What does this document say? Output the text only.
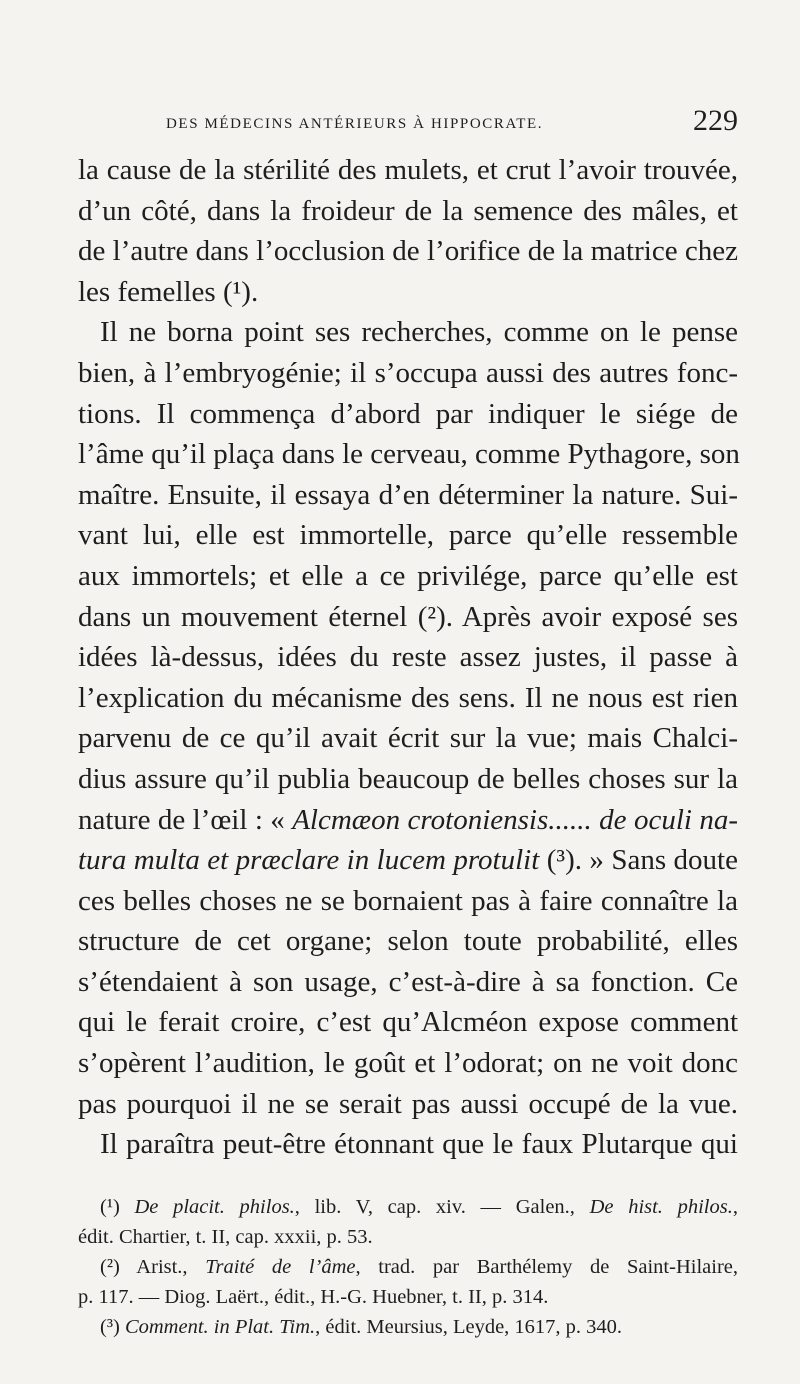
DES MÉDECINS ANTÉRIEURS À HIPPOCRATE.	229
la cause de la stérilité des mulets, et crut l’avoir trouvée,
d’un côté, dans la froideur de la semence des mâles, et
de l’autre dans l’occlusion de l’orifice de la matrice chez
les femelles (¹).
Il ne borna point ses recherches, comme on le pense
bien, à l’embryogénie; il s’occupa aussi des autres fonc-
tions. Il commença d’abord par indiquer le siége de
l’âme qu’il plaça dans le cerveau, comme Pythagore, son
maître. Ensuite, il essaya d’en déterminer la nature. Sui-
vant lui, elle est immortelle, parce qu’elle ressemble
aux immortels; et elle a ce privilége, parce qu’elle est
dans un mouvement éternel (²). Après avoir exposé ses
idées là-dessus, idées du reste assez justes, il passe à
l’explication du mécanisme des sens. Il ne nous est rien
parvenu de ce qu’il avait écrit sur la vue; mais Chalci-
dius assure qu’il publia beaucoup de belles choses sur la
nature de l’œil : « Alcmæon crotoniensis...... de oculi na-
tura multa et præclare in lucem protulit (³). » Sans doute
ces belles choses ne se bornaient pas à faire connaître la
structure de cet organe; selon toute probabilité, elles
s’étendaient à son usage, c’est-à-dire à sa fonction. Ce
qui le ferait croire, c’est qu’Alcméon expose comment
s’opèrent l’audition, le goût et l’odorat; on ne voit donc
pas pourquoi il ne se serait pas aussi occupé de la vue.
Il paraîtra peut-être étonnant que le faux Plutarque qui
(¹) De placit. philos., lib. V, cap. xiv. — Galen., De hist. philos.,
édit. Chartier, t. II, cap. xxxii, p. 53.
(²) Arist., Traité de l’âme, trad. par Barthélemy de Saint-Hilaire,
p. 117. — Diog. Laërt., édit., H.-G. Huebner, t. II, p. 314.
(³) Comment. in Plat. Tim., édit. Meursius, Leyde, 1617, p. 340.
